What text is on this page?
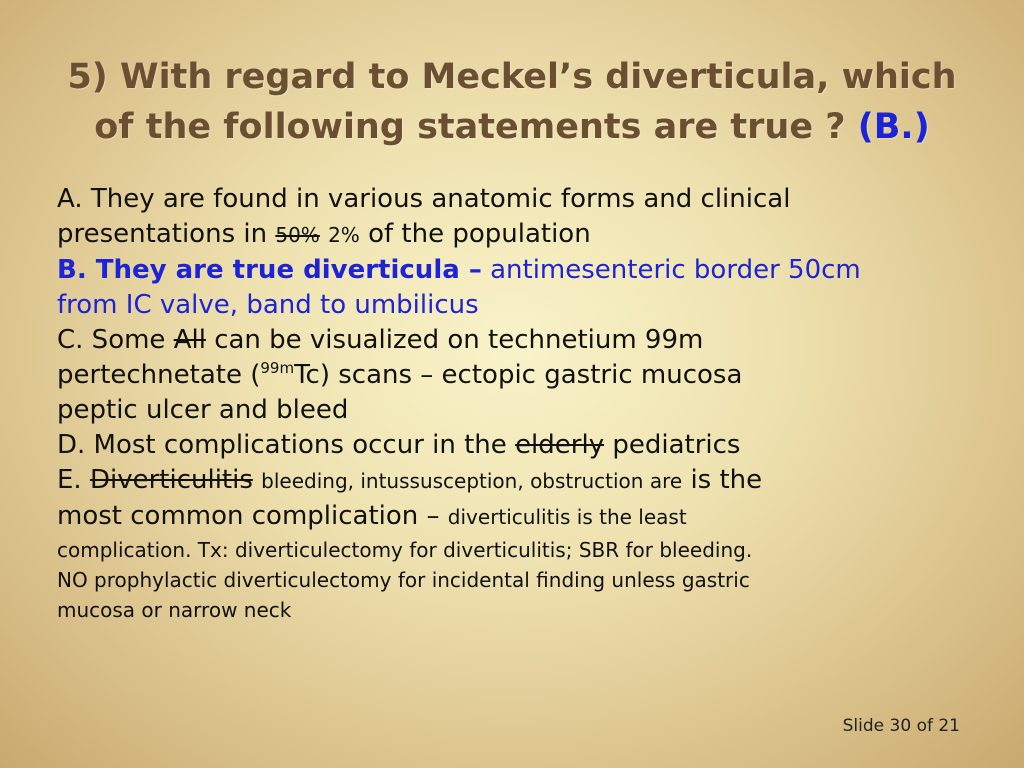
5) With regard to Meckel’s diverticula, which
of the following statements are true ? (B.)
A. They are found in various anatomic forms and clinical
presentations in 50% 2% of the population
B. They are true diverticula – antimesenteric border 50cm
from IC valve, band to umbilicus
C. Some All can be visualized on technetium 99m
pertechnetate ($^{99m}$Tc) scans – ectopic gastric mucosa
peptic ulcer and bleed
D. Most complications occur in the elderly pediatrics
E. Diverticulitis bleeding, intussusception, obstruction are is the
most common complication – diverticulitis is the least
complication. Tx: diverticulectomy for diverticulitis; SBR for bleeding.
NO prophylactic diverticulectomy for incidental finding unless gastric
mucosa or narrow neck
Slide 30 of 21
